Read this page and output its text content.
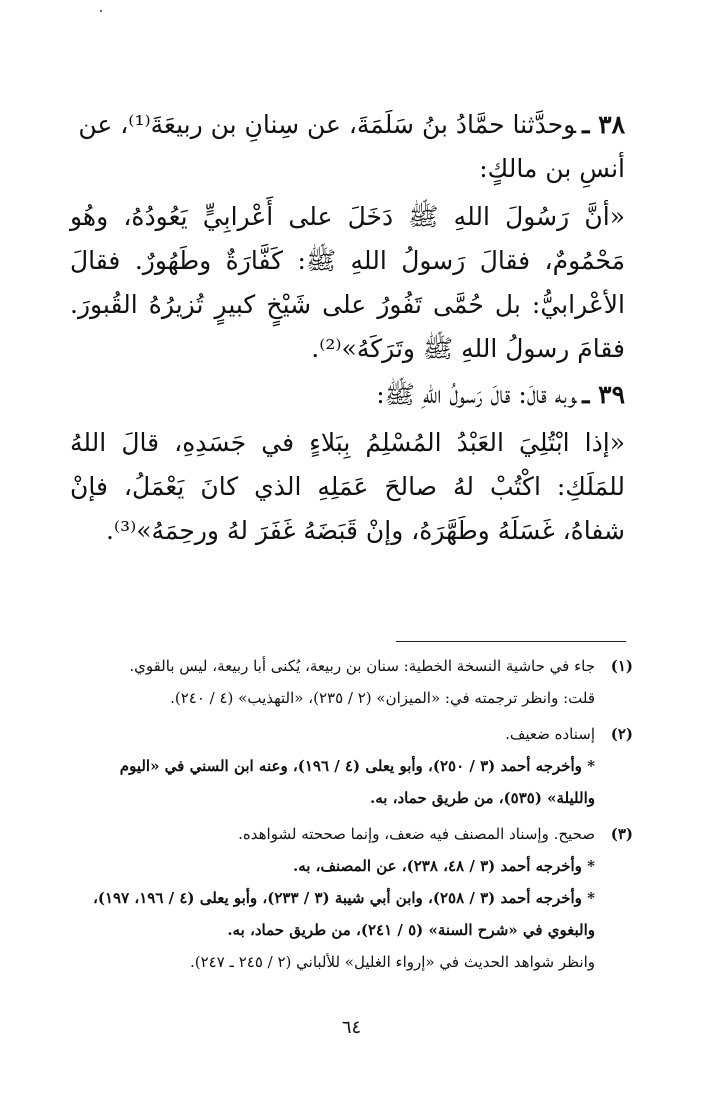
٣٨ ـوحدَّثنا حمَّادُ بنُ سَلَمَةَ، عن سِنانِ بن ربيعَةَ⁽¹⁾، عن أنسِ بن مالكٍ:

«أنَّ رَسُولَ اللهِ ﷺ دَخَلَ على أَعْرابِيٍّ يَعُودُهُ، وهُو مَحْمُومٌ، فقالَ رَسولُ اللهِ ﷺ: كَفَّارَةٌ وطَهُورٌ. فقالَ الأعْرابيُّ: بل حُمَّى تَفُورُ على شَيْخٍ كبيرٍ تُزيرُهُ القُبورَ. فقامَ رسولُ اللهِ ﷺ وتَرَكَهُ»⁽²⁾.

٣٩ ـوبه قالَ: قالَ رَسولُ اللهِ ﷺ:

«إذا ابْتُلِيَ العَبْدُ المُسْلِمُ بِبَلاءٍ في جَسَدِهِ، قالَ اللهُ للمَلَكِ: اكْتُبْ لهُ صالحَ عَمَلِهِ الذي كانَ يَعْمَلُ، فإنْ شفاهُ، غَسَلَهُ وطَهَّرَهُ، وإنْ قَبَضَهُ غَفَرَ لهُ ورحِمَهُ»⁽³⁾.

(١)
جاء في حاشية النسخة الخطية: سنان بن ربيعة، يُكنى أبا ربيعة، ليس بالقوي.
قلت: وانظر ترجمته في: «الميزان» (٢ / ٢٣٥)، «التهذيب» (٤ / ٢٤٠).
(٢)
إسناده ضعيف.
* وأخرجه أحمد (٣ / ٢٥٠)، وأبو يعلى (٤ / ١٩٦)، وعنه ابن السني في «اليوم والليلة» (٥٣٥)، من طريق حماد، به.
(٣)
صحيح. وإسناد المصنف فيه ضعف، وإنما صححته لشواهده.
* وأخرجه أحمد (٣ / ٤٨، ٢٣٨)، عن المصنف، به.
* وأخرجه أحمد (٣ / ٢٥٨)، وابن أبي شيبة (٣ / ٢٣٣)، وأبو يعلى (٤ / ١٩٦، ١٩٧)، والبغوي في «شرح السنة» (٥ / ٢٤١)، من طريق حماد، به.
وانظر شواهد الحديث في «إرواء الغليل» للألباني (٢ / ٢٤٥ ـ ٢٤٧).
٦٤
